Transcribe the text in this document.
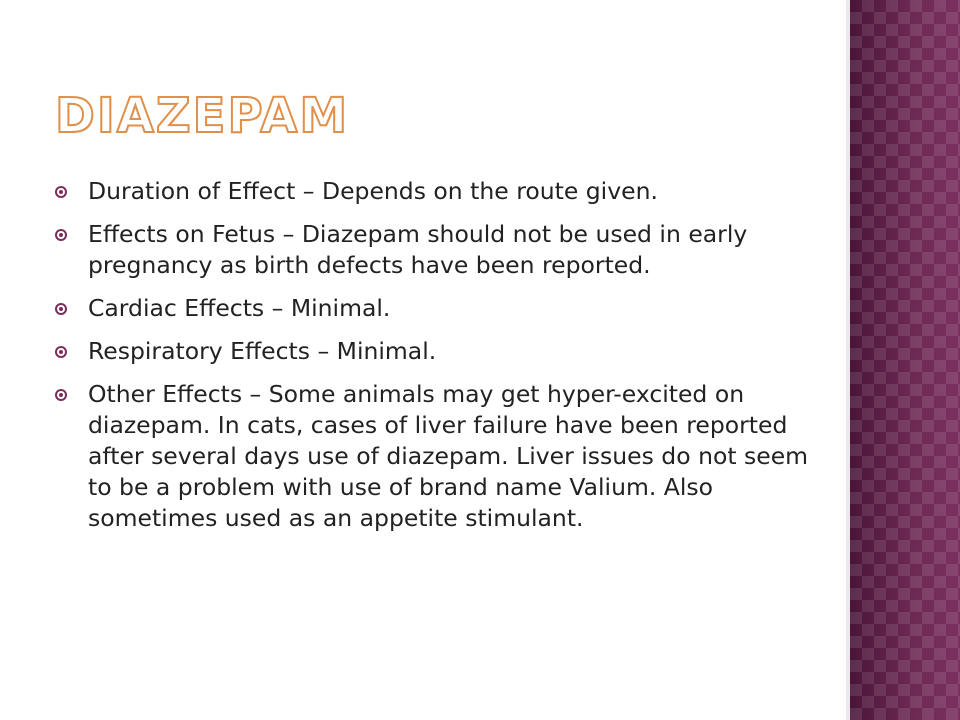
DIAZEPAM
Duration of Effect – Depends on the route given.
Effects on Fetus – Diazepam should not be used in early pregnancy as birth defects have been reported.
Cardiac Effects – Minimal.
Respiratory Effects – Minimal.
Other Effects – Some animals may get hyper-excited on diazepam. In cats, cases of liver failure have been reported after several days use of diazepam. Liver issues do not seem to be a problem with use of brand name Valium. Also sometimes used as an appetite stimulant.
